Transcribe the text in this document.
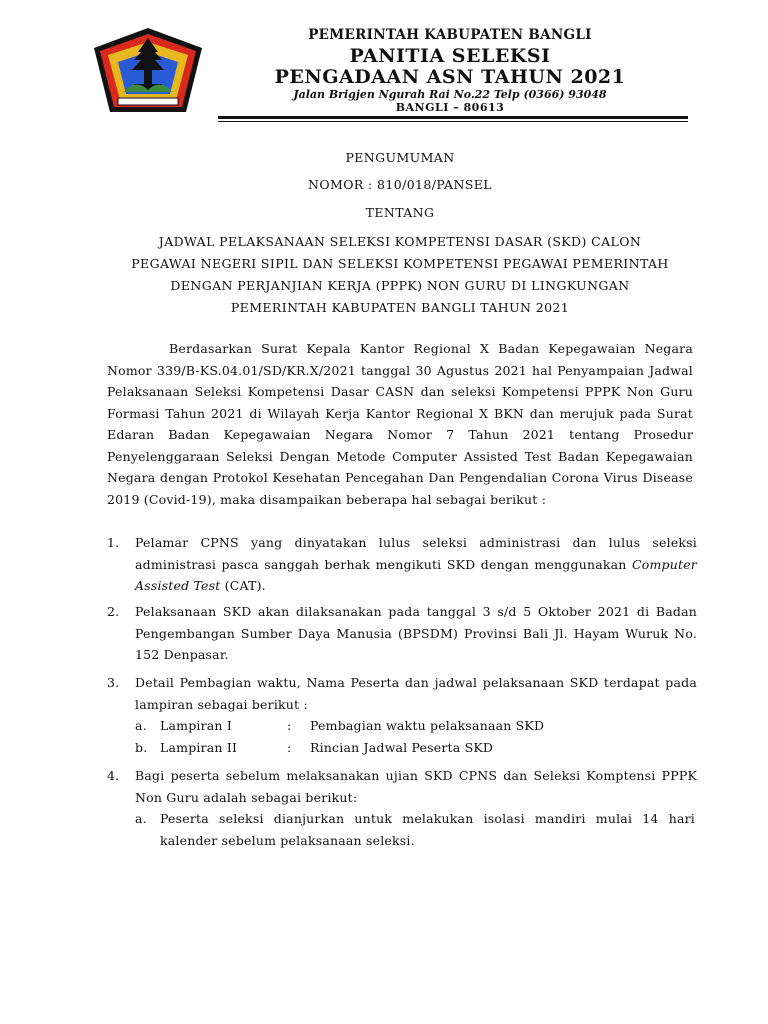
PEMERINTAH KABUPATEN BANGLI

PANITIA SELEKSI

PENGADAAN ASN TAHUN 2021

Jalan Brigjen Ngurah Rai No.22 Telp (0366) 93048

BANGLI – 80613

PENGUMUMAN

NOMOR : 810/018/PANSEL

TENTANG

JADWAL PELAKSANAAN SELEKSI KOMPETENSI DASAR (SKD) CALON

PEGAWAI NEGERI SIPIL DAN SELEKSI KOMPETENSI PEGAWAI PEMERINTAH

DENGAN PERJANJIAN KERJA (PPPK) NON GURU DI LINGKUNGAN

PEMERINTAH KABUPATEN BANGLI TAHUN 2021

Berdasarkan Surat Kepala Kantor Regional X Badan Kepegawaian Negara Nomor 339/B-KS.04.01/SD/KR.X/2021 tanggal 30 Agustus 2021 hal Penyampaian Jadwal Pelaksanaan Seleksi Kompetensi Dasar CASN dan seleksi Kompetensi PPPK Non Guru Formasi Tahun 2021 di Wilayah Kerja Kantor Regional X BKN dan merujuk pada Surat Edaran Badan Kepegawaian Negara Nomor 7 Tahun 2021 tentang Prosedur Penyelenggaraan Seleksi Dengan Metode Computer Assisted Test Badan Kepegawaian Negara dengan Protokol Kesehatan Pencegahan Dan Pengendalian Corona Virus Disease 2019 (Covid-19), maka disampaikan beberapa hal sebagai berikut :

1. Pelamar CPNS yang dinyatakan lulus seleksi administrasi dan lulus seleksi administrasi pasca sanggah berhak mengikuti SKD dengan menggunakan Computer Assisted Test (CAT).
2. Pelaksanaan SKD akan dilaksanakan pada tanggal 3 s/d 5 Oktober 2021 di Badan Pengembangan Sumber Daya Manusia (BPSDM) Provinsi Bali Jl. Hayam Wuruk No. 152 Denpasar.
3. Detail Pembagian waktu, Nama Peserta dan jadwal pelaksanaan SKD terdapat pada lampiran sebagai berikut :
a. Lampiran I	: Pembagian waktu pelaksanaan SKD
b. Lampiran II	: Rincian Jadwal Peserta SKD
4. Bagi peserta sebelum melaksanakan ujian SKD CPNS dan Seleksi Komptensi PPPK Non Guru adalah sebagai berikut:
a. Peserta seleksi dianjurkan untuk melakukan isolasi mandiri mulai 14 hari kalender sebelum pelaksanaan seleksi.
